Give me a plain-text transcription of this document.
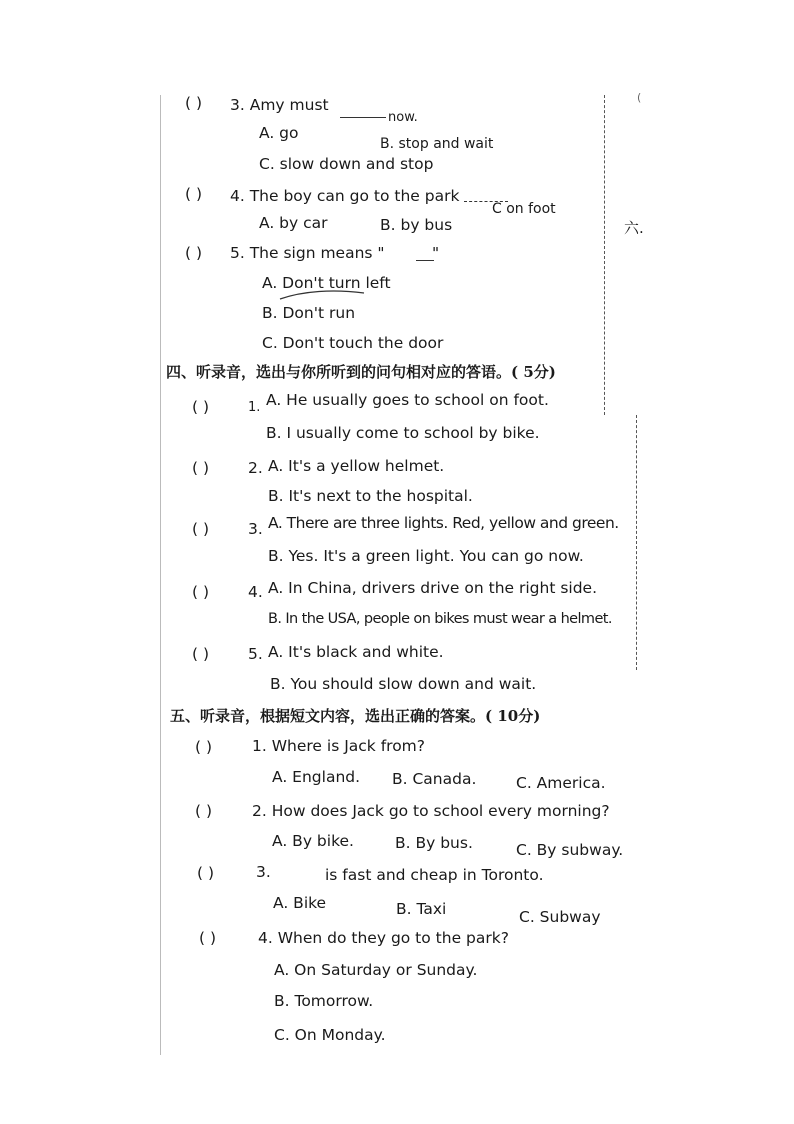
(
六.
( ) 3. Amy must
now.
A. go
B. stop and wait
C. slow down and stop
( ) 4. The boy can go to the park
A. by car	B. by bus
C on foot
( ) 5. The sign means "	"
A. Don't turn left
B. Don't run
C. Don't touch the door
四、听录音，选出与你所听到的问句相对应的答语。( 5分)
( )	1. A. He usually goes to school on foot.
B. I usually come to school by bike.
( )	2. A. It's a yellow helmet.
B. It's next to the hospital.
( )	3. A. There are three lights. Red, yellow and green.
B. Yes. It's a green light. You can go now.
( )	4. A. In China, drivers drive on the right side.
B. In the USA, people on bikes must wear a helmet.
( )	5. A. It's black and white.
B. You should slow down and wait.
五、听录音，根据短文内容，选出正确的答案。( 10分)
( )	1. Where is Jack from?
A. England. B. Canada.	C. America.
( )	2. How does Jack go to school every morning?
A. By bike.	B. By bus.	C. By subway.
( )	3.	is fast and cheap in Toronto.
A. Bike	B. Taxi	C. Subway
( )	4. When do they go to the park?
A. On Saturday or Sunday.
B. Tomorrow.
C. On Monday.
